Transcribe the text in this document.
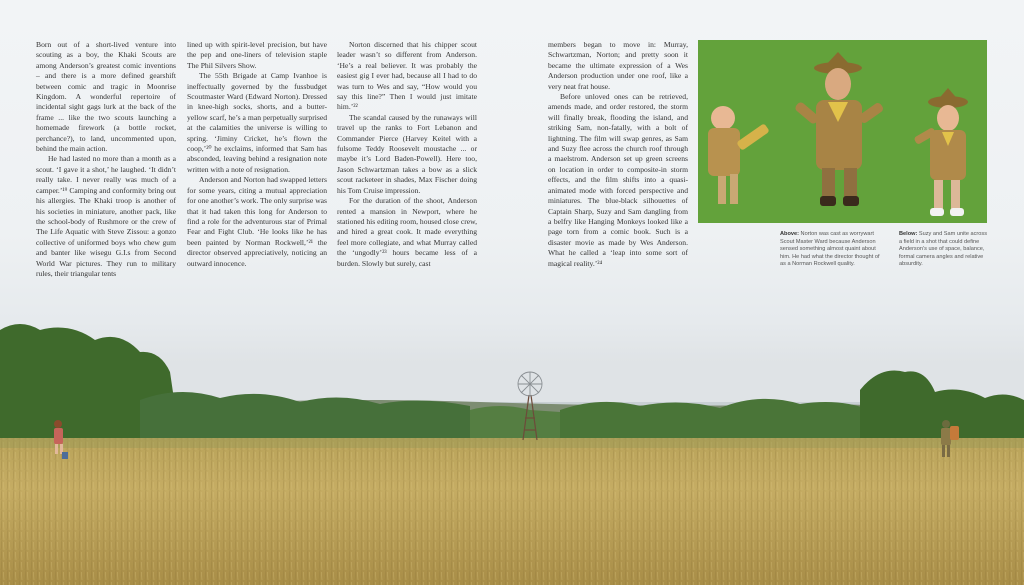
Born out of a short-lived venture into scouting as a boy, the Khaki Scouts are among Anderson’s greatest comic inventions – and there is a more defined gearshift between comic and tragic in Moonrise Kingdom. A wonderful repertoire of incidental sight gags lurk at the back of the frame ... like the two scouts launching a homemade firework (a bottle rocket, perchance?), to land, uncommented upon, behind the main action.

He had lasted no more than a month as a scout. ‘I gave it a shot,’ he laughed. ‘It didn’t really take. I never really was much of a camper.’¹⁹ Camping and conformity bring out his allergies. The Khaki troop is another of his societies in miniature, another pack, like the school-body of Rushmore or the crew of The Life Aquatic with Steve Zissou: a gonzo collective of uniformed boys who chew gum and banter like wisegu G.I.s from Second World War pictures. They run to military rules, their triangular tents

lined up with spirit-level precision, but have the pep and one-liners of television staple The Phil Silvers Show.

The 55th Brigade at Camp Ivanhoe is ineffectually governed by the fussbudget Scoutmaster Ward (Edward Norton). Dressed in knee-high socks, shorts, and a butter-yellow scarf, he’s a man perpetually surprised at the calamities the universe is willing to spring. ‘Jiminy Cricket, he’s flown the coop,’²⁰ he exclaims, informed that Sam has absconded, leaving behind a resignation note written with a note of resignation.

Anderson and Norton had swapped letters for some years, citing a mutual appreciation for one another’s work. The only surprise was that it had taken this long for Anderson to find a role for the adventurous star of Primal Fear and Fight Club. ‘He looks like he has been painted by Norman Rockwell,’²¹ the director observed appreciatively, noticing an outward innocence.

Norton discerned that his chipper scout leader wasn’t so different from Anderson. ‘He’s a real believer. It was probably the easiest gig I ever had, because all I had to do was turn to Wes and say, “How would you say this line?” Then I would just imitate him.’²²

The scandal caused by the runaways will travel up the ranks to Fort Lebanon and Commander Pierce (Harvey Keitel with a fulsome Teddy Roosevelt moustache ... or maybe it’s Lord Baden-Powell). Here too, Jason Schwartzman takes a bow as a slick scout racketeer in shades, Max Fischer doing his Tom Cruise impression.

For the duration of the shoot, Anderson rented a mansion in Newport, where he stationed his editing room, housed close crew, and hired a great cook. It made everything feel more collegiate, and what Murray called the ‘ungodly’²³ hours became less of a burden. Slowly but surely, cast

members began to move in: Murray, Schwartzman, Norton; and pretty soon it became the ultimate expression of a Wes Anderson production under one roof, like a very neat frat house.

Before unloved ones can be retrieved, amends made, and order restored, the storm will finally break, flooding the island, and striking Sam, non-fatally, with a bolt of lightning. The film will swap genres, as Sam and Suzy flee across the church roof through a maelstrom. Anderson set up green screens on location in order to composite-in storm effects, and the film shifts into a quasi-animated mode with forced perspective and miniatures. The blue-black silhouettes of Captain Sharp, Suzy and Sam dangling from a belfry like Hanging Monkeys looked like a page torn from a comic book. Such is a disaster movie as made by Wes Anderson. What he called a ‘leap into some sort of magical reality.’²⁴

Above: Norton was cast as worrywart Scout Master Ward because Anderson sensed something almost quaint about him. He had what the director thought of as a Norman Rockwell quality.
Below: Suzy and Sam unite across a field in a shot that could define Anderson’s use of space, balance, formal camera angles and relative absurdity.
